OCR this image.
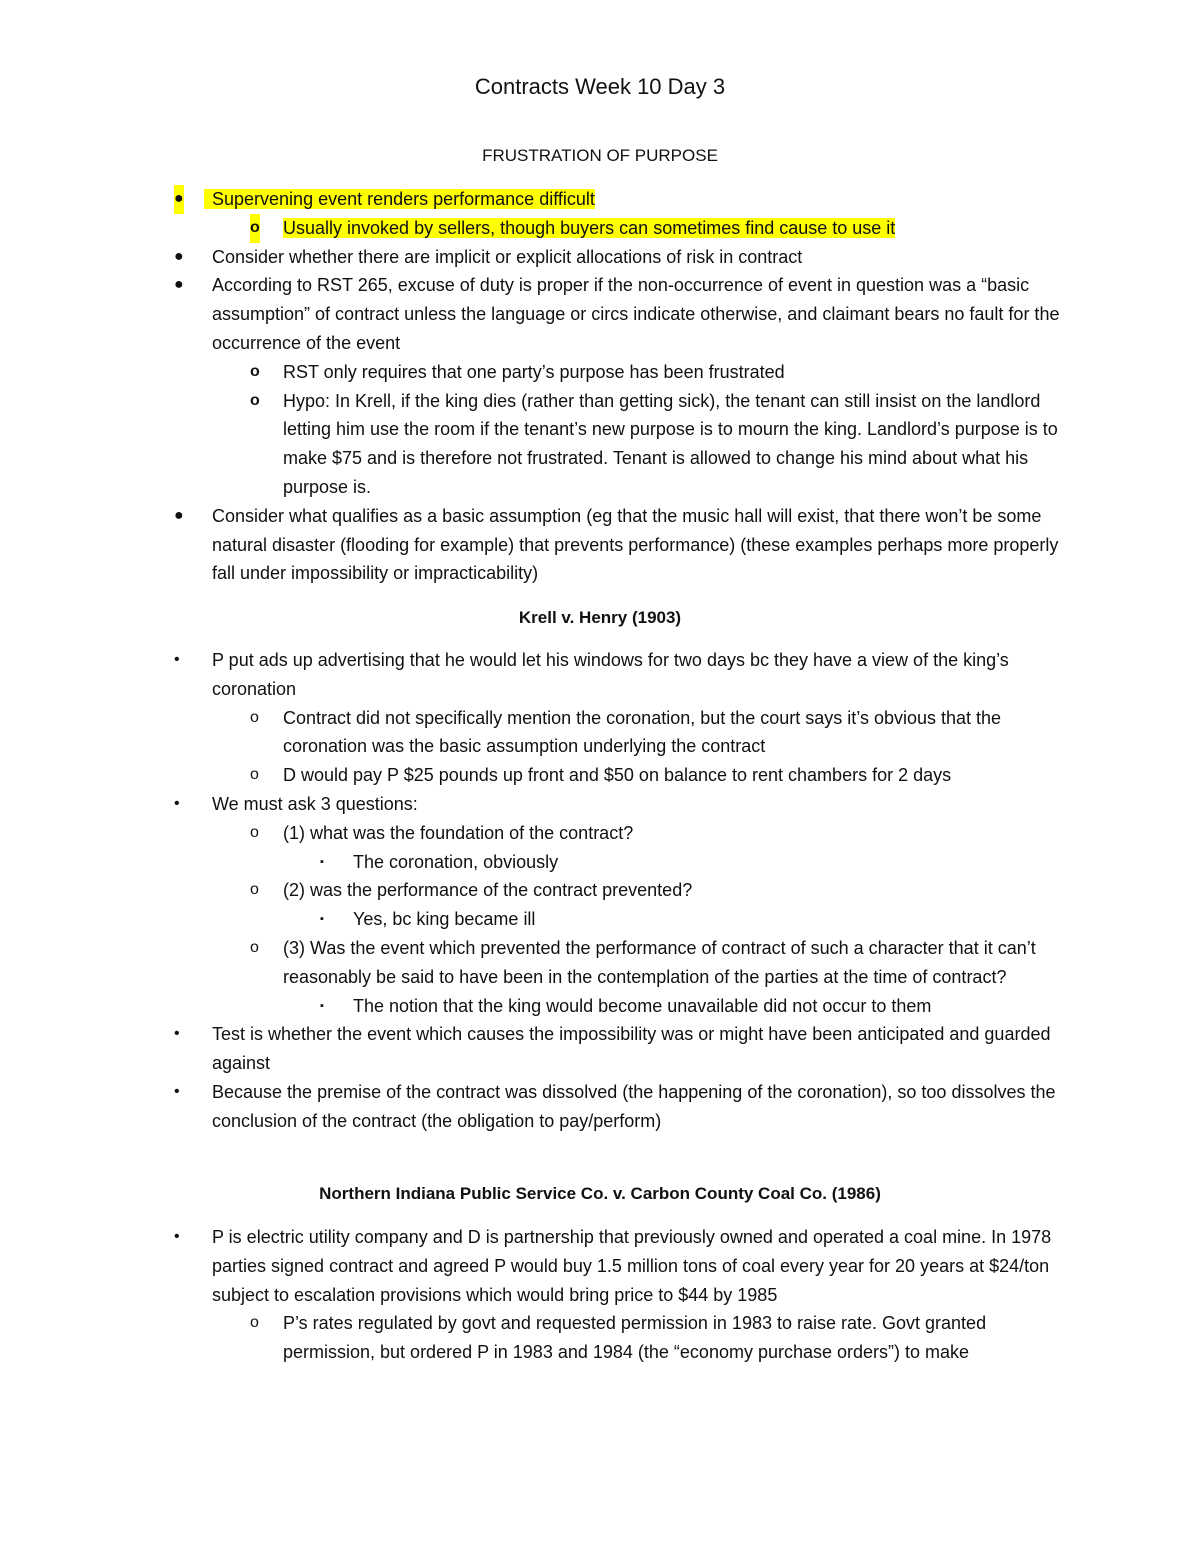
Contracts Week 10 Day 3
FRUSTRATION OF PURPOSE
● Supervening event renders performance difficult
o Usually invoked by sellers, though buyers can sometimes find cause to use it
● Consider whether there are implicit or explicit allocations of risk in contract
● According to RST 265, excuse of duty is proper if the non-occurrence of event in question was a “basic assumption” of contract unless the language or circs indicate otherwise, and claimant bears no fault for the occurrence of the event
o RST only requires that one party’s purpose has been frustrated
o Hypo: In Krell, if the king dies (rather than getting sick), the tenant can still insist on the landlord letting him use the room if the tenant’s new purpose is to mourn the king. Landlord’s purpose is to make $75 and is therefore not frustrated. Tenant is allowed to change his mind about what his purpose is.
● Consider what qualifies as a basic assumption (eg that the music hall will exist, that there won’t be some natural disaster (flooding for example) that prevents performance) (these examples perhaps more properly fall under impossibility or impracticability)
Krell v. Henry (1903)
• P put ads up advertising that he would let his windows for two days bc they have a view of the king’s coronation
o Contract did not specifically mention the coronation, but the court says it’s obvious that the coronation was the basic assumption underlying the contract
o D would pay P $25 pounds up front and $50 on balance to rent chambers for 2 days
• We must ask 3 questions:
o (1) what was the foundation of the contract?
▪ The coronation, obviously
o (2) was the performance of the contract prevented?
▪ Yes, bc king became ill
o (3) Was the event which prevented the performance of contract of such a character that it can’t reasonably be said to have been in the contemplation of the parties at the time of contract?
▪ The notion that the king would become unavailable did not occur to them
• Test is whether the event which causes the impossibility was or might have been anticipated and guarded against
• Because the premise of the contract was dissolved (the happening of the coronation), so too dissolves the conclusion of the contract (the obligation to pay/perform)
Northern Indiana Public Service Co. v. Carbon County Coal Co. (1986)
• P is electric utility company and D is partnership that previously owned and operated a coal mine. In 1978 parties signed contract and agreed P would buy 1.5 million tons of coal every year for 20 years at $24/ton subject to escalation provisions which would bring price to $44 by 1985
o P’s rates regulated by govt and requested permission in 1983 to raise rate. Govt granted permission, but ordered P in 1983 and 1984 (the “economy purchase orders”) to make
